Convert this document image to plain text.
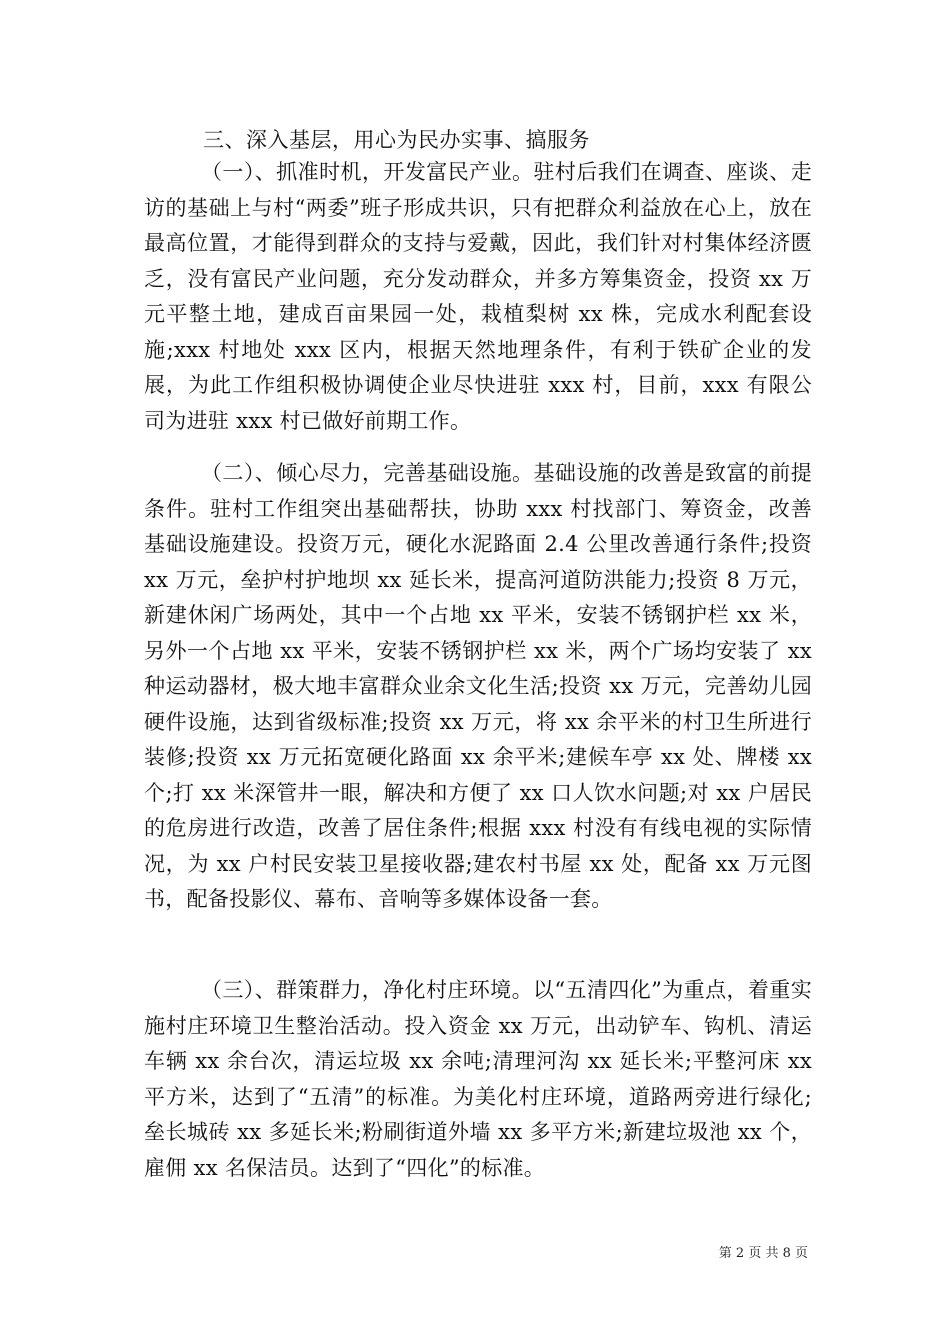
三、深入基层，用心为民办实事、搞服务

（一）、抓准时机，开发富民产业。驻村后我们在调查、座谈、走访的基础上与村“两委”班子形成共识，只有把群众利益放在心上，放在最高位置，才能得到群众的支持与爱戴，因此，我们针对村集体经济匮乏，没有富民产业问题，充分发动群众，并多方筹集资金，投资 xx 万元平整土地，建成百亩果园一处，栽植梨树 xx 株，完成水利配套设施;xxx 村地处 xxx 区内，根据天然地理条件，有利于铁矿企业的发展，为此工作组积极协调使企业尽快进驻 xxx 村，目前，xxx 有限公司为进驻 xxx 村已做好前期工作。

（二）、倾心尽力，完善基础设施。基础设施的改善是致富的前提条件。驻村工作组突出基础帮扶，协助 xxx 村找部门、筹资金，改善基础设施建设。投资万元，硬化水泥路面 2.4 公里改善通行条件;投资 xx 万元，垒护村护地坝 xx 延长米，提高河道防洪能力;投资 8 万元，新建休闲广场两处，其中一个占地 xx 平米，安装不锈钢护栏 xx 米，另外一个占地 xx 平米，安装不锈钢护栏 xx 米，两个广场均安装了 xx 种运动器材，极大地丰富群众业余文化生活;投资 xx 万元，完善幼儿园硬件设施，达到省级标准;投资 xx 万元，将 xx 余平米的村卫生所进行装修;投资 xx 万元拓宽硬化路面 xx 余平米;建候车亭 xx 处、牌楼 xx 个;打 xx 米深管井一眼，解决和方便了 xx 口人饮水问题;对 xx 户居民的危房进行改造，改善了居住条件;根据 xxx 村没有有线电视的实际情况，为 xx 户村民安装卫星接收器;建农村书屋 xx 处，配备 xx 万元图书，配备投影仪、幕布、音响等多媒体设备一套。

（三）、群策群力，净化村庄环境。以“五清四化”为重点，着重实施村庄环境卫生整治活动。投入资金 xx 万元，出动铲车、钩机、清运车辆 xx 余台次，清运垃圾 xx 余吨;清理河沟 xx 延长米;平整河床 xx 平方米，达到了“五清”的标准。为美化村庄环境，道路两旁进行绿化;垒长城砖 xx 多延长米;粉刷街道外墙 xx 多平方米;新建垃圾池 xx 个，雇佣 xx 名保洁员。达到了“四化”的标准。

第 2 页 共 8 页
